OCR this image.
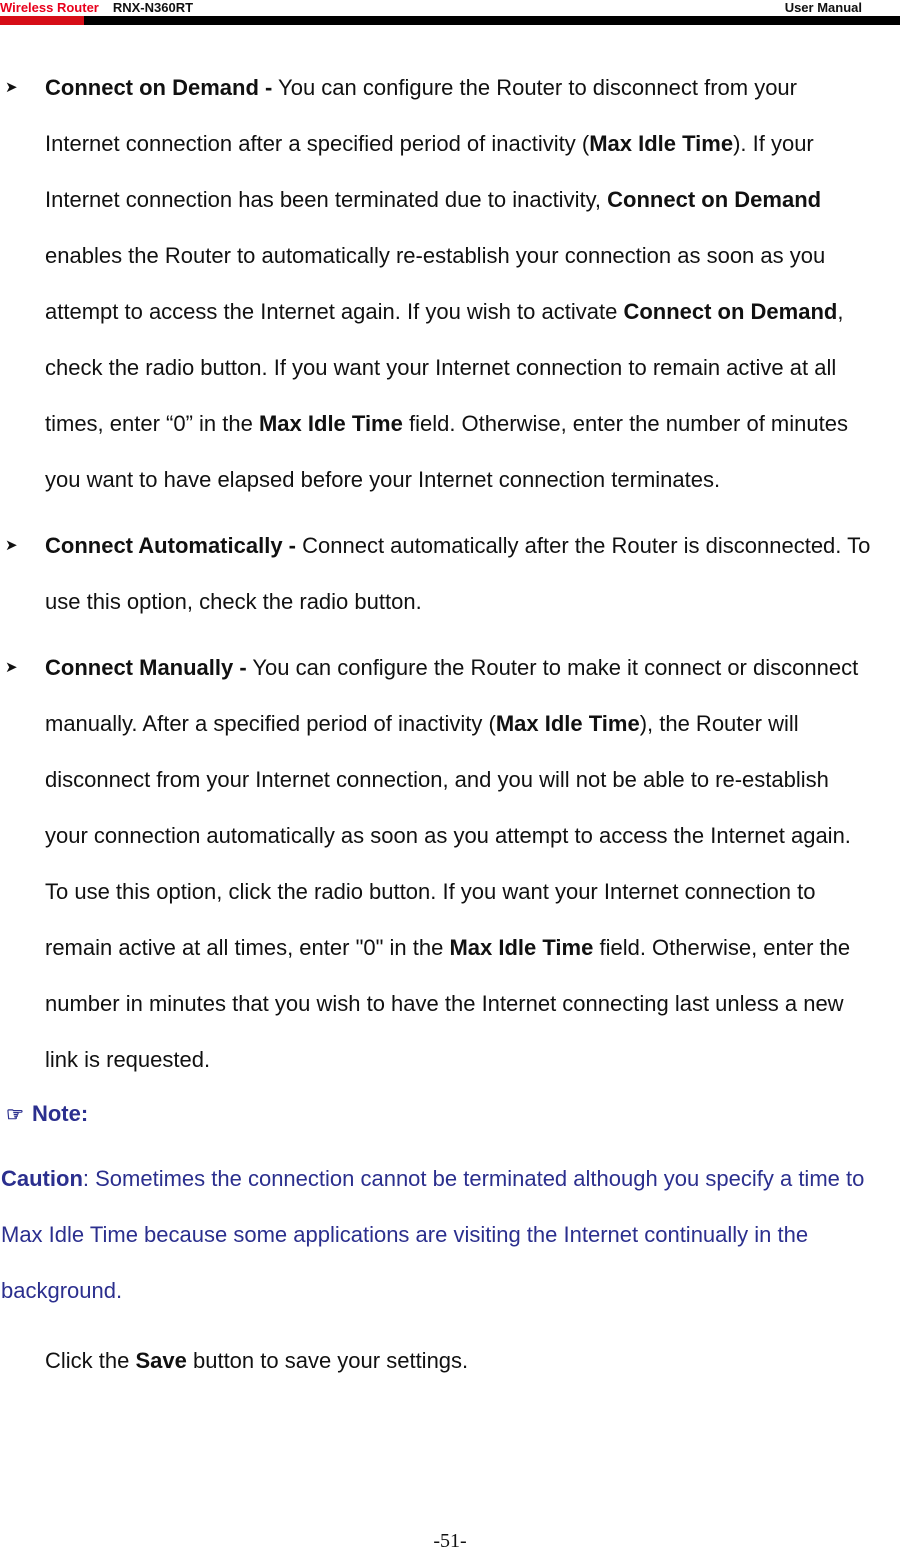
Wireless Router RNX-N360RT	User Manual
➤ Connect on Demand - You can configure the Router to disconnect from your Internet connection after a specified period of inactivity (Max Idle Time). If your Internet connection has been terminated due to inactivity, Connect on Demand enables the Router to automatically re-establish your connection as soon as you attempt to access the Internet again. If you wish to activate Connect on Demand, check the radio button. If you want your Internet connection to remain active at all times, enter “0” in the Max Idle Time field. Otherwise, enter the number of minutes you want to have elapsed before your Internet connection terminates.

➤ Connect Automatically - Connect automatically after the Router is disconnected. To use this option, check the radio button.

➤ Connect Manually - You can configure the Router to make it connect or disconnect manually. After a specified period of inactivity (Max Idle Time), the Router will disconnect from your Internet connection, and you will not be able to re-establish your connection automatically as soon as you attempt to access the Internet again. To use this option, click the radio button. If you want your Internet connection to remain active at all times, enter "0" in the Max Idle Time field. Otherwise, enter the number in minutes that you wish to have the Internet connecting last unless a new link is requested.

☞ Note:

Caution: Sometimes the connection cannot be terminated although you specify a time to Max Idle Time because some applications are visiting the Internet continually in the background.

Click the Save button to save your settings.

-51-
